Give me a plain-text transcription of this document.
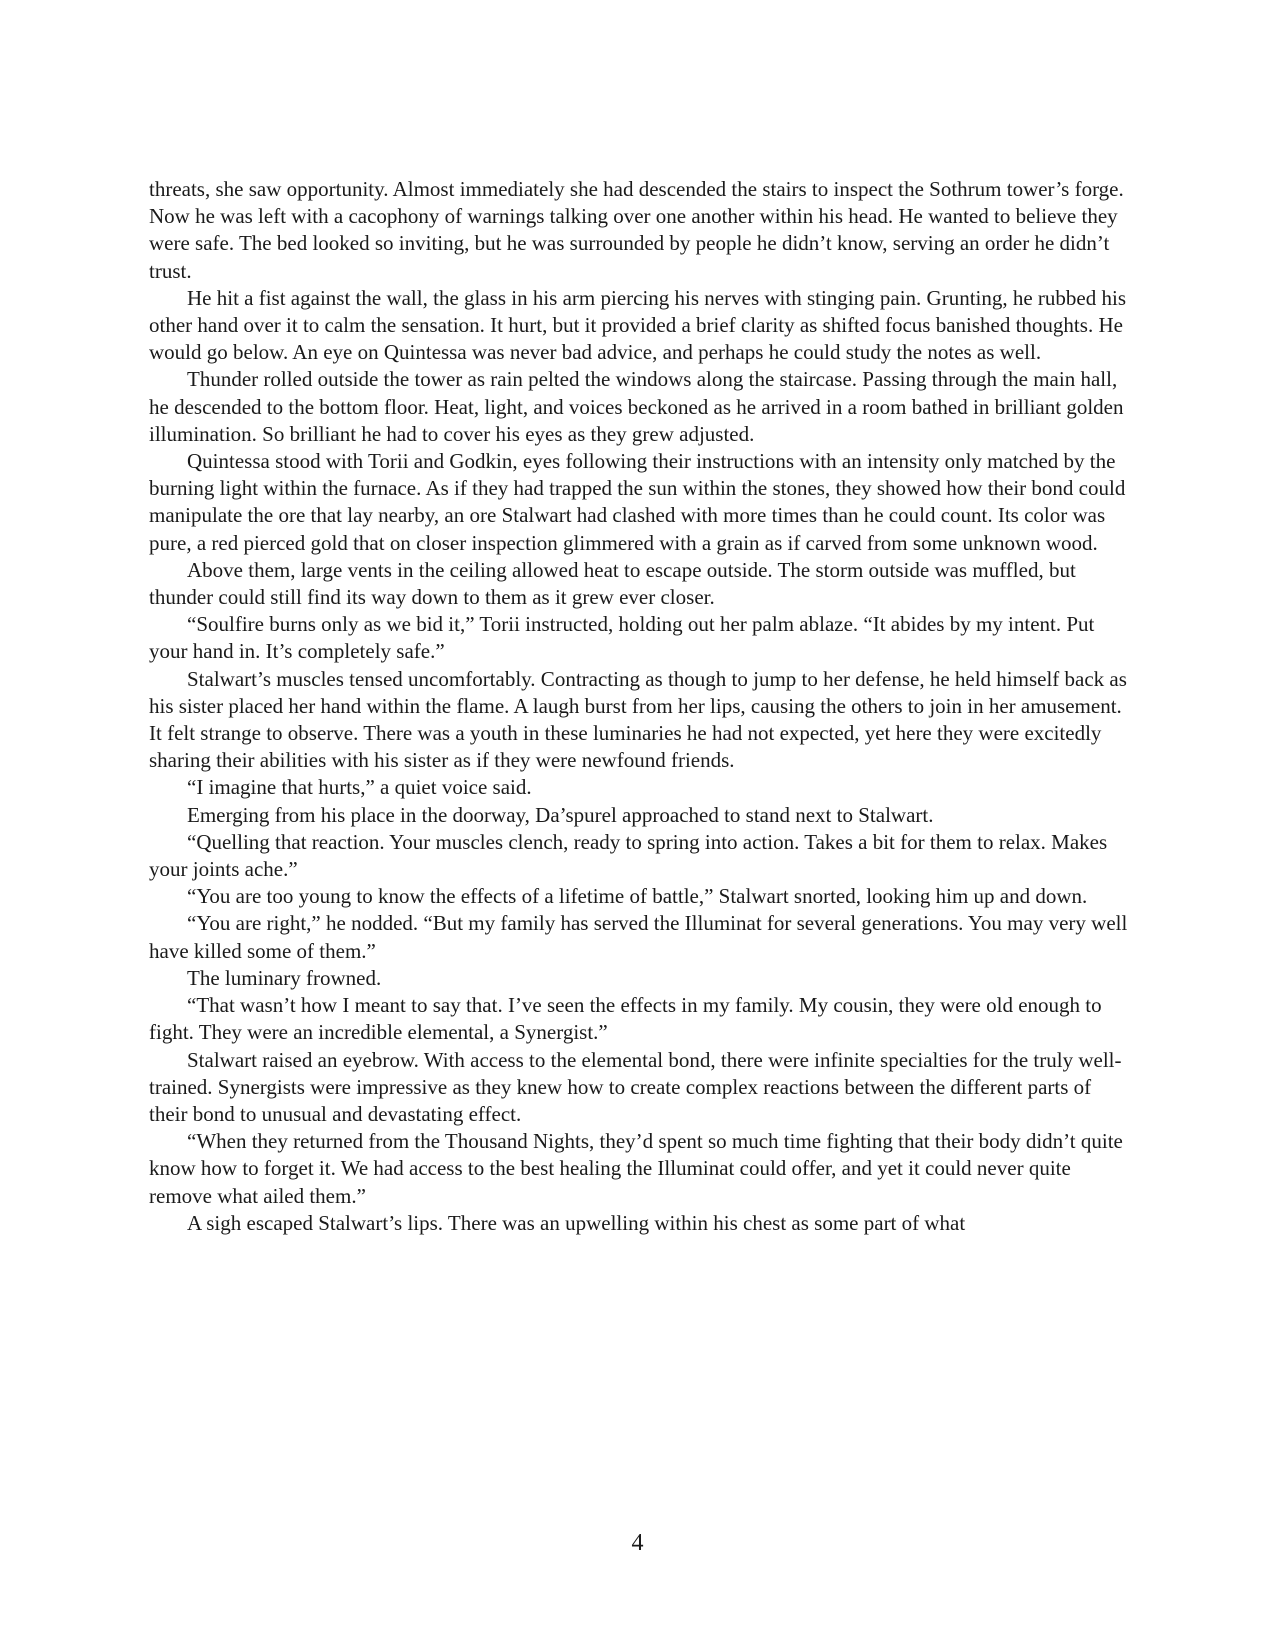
threats, she saw opportunity. Almost immediately she had descended the stairs to inspect the Sothrum tower’s forge. Now he was left with a cacophony of warnings talking over one another within his head. He wanted to believe they were safe. The bed looked so inviting, but he was surrounded by people he didn’t know, serving an order he didn’t trust.

He hit a fist against the wall, the glass in his arm piercing his nerves with stinging pain. Grunting, he rubbed his other hand over it to calm the sensation. It hurt, but it provided a brief clarity as shifted focus banished thoughts. He would go below. An eye on Quintessa was never bad advice, and perhaps he could study the notes as well.

Thunder rolled outside the tower as rain pelted the windows along the staircase. Passing through the main hall, he descended to the bottom floor. Heat, light, and voices beckoned as he arrived in a room bathed in brilliant golden illumination. So brilliant he had to cover his eyes as they grew adjusted.

Quintessa stood with Torii and Godkin, eyes following their instructions with an intensity only matched by the burning light within the furnace. As if they had trapped the sun within the stones, they showed how their bond could manipulate the ore that lay nearby, an ore Stalwart had clashed with more times than he could count. Its color was pure, a red pierced gold that on closer inspection glimmered with a grain as if carved from some unknown wood.

Above them, large vents in the ceiling allowed heat to escape outside. The storm outside was muffled, but thunder could still find its way down to them as it grew ever closer.

“Soulfire burns only as we bid it,” Torii instructed, holding out her palm ablaze. “It abides by my intent. Put your hand in. It’s completely safe.”

Stalwart’s muscles tensed uncomfortably. Contracting as though to jump to her defense, he held himself back as his sister placed her hand within the flame. A laugh burst from her lips, causing the others to join in her amusement. It felt strange to observe. There was a youth in these luminaries he had not expected, yet here they were excitedly sharing their abilities with his sister as if they were newfound friends.

“I imagine that hurts,” a quiet voice said.

Emerging from his place in the doorway, Da’spurel approached to stand next to Stalwart.

“Quelling that reaction. Your muscles clench, ready to spring into action. Takes a bit for them to relax. Makes your joints ache.”

“You are too young to know the effects of a lifetime of battle,” Stalwart snorted, looking him up and down.

“You are right,” he nodded. “But my family has served the Illuminat for several generations. You may very well have killed some of them.”

The luminary frowned.

“That wasn’t how I meant to say that. I’ve seen the effects in my family. My cousin, they were old enough to fight. They were an incredible elemental, a Synergist.”

Stalwart raised an eyebrow. With access to the elemental bond, there were infinite specialties for the truly well-trained. Synergists were impressive as they knew how to create complex reactions between the different parts of their bond to unusual and devastating effect.

“When they returned from the Thousand Nights, they’d spent so much time fighting that their body didn’t quite know how to forget it. We had access to the best healing the Illuminat could offer, and yet it could never quite remove what ailed them.”

A sigh escaped Stalwart’s lips. There was an upwelling within his chest as some part of what

4
